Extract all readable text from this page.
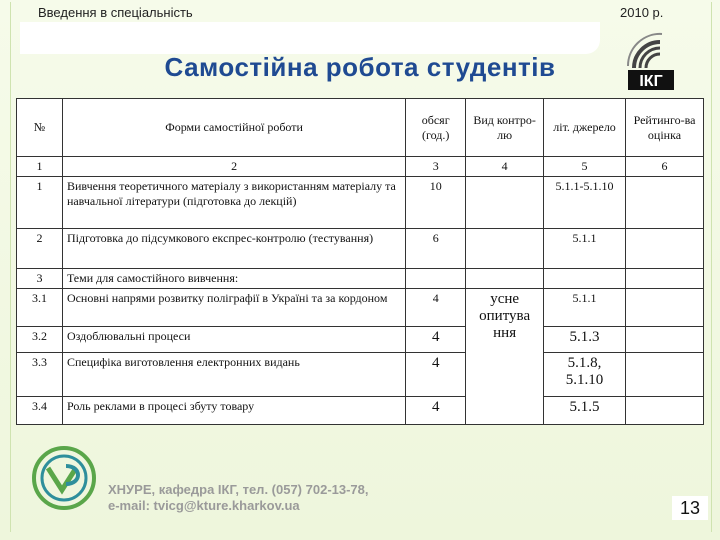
Введення в спеціальність	2010 р.
ІКГ
Самостійна робота студентів
№	Форми самостійної роботи	обсяг (год.)	Вид контро-лю	літ. джерело	Рейтинго-ва оцінка
1	2	3	4	5	6
1	Вивчення теоретичного матеріалу з використанням матеріалу та навчальної літератури (підготовка до лекцій)	10		5.1.1-5.1.10	
2	Підготовка до підсумкового експрес-контролю (тестування)	6		5.1.1	
3	Теми для самостійного вивчення:				
3.1	Основні напрями розвитку поліграфії в Україні та за кордоном	4	усне опитува ння	5.1.1	
3.2	Оздоблювальні процеси	4		5.1.3	
3.3	Специфіка виготовлення електронних видань	4		5.1.8, 5.1.10	
3.4	Роль реклами в процесі збуту товару	4		5.1.5	
ХНУРЕ, кафедра ІКГ, тел. (057) 702-13-78,
e-mail: tvicg@kture.kharkov.ua	13
